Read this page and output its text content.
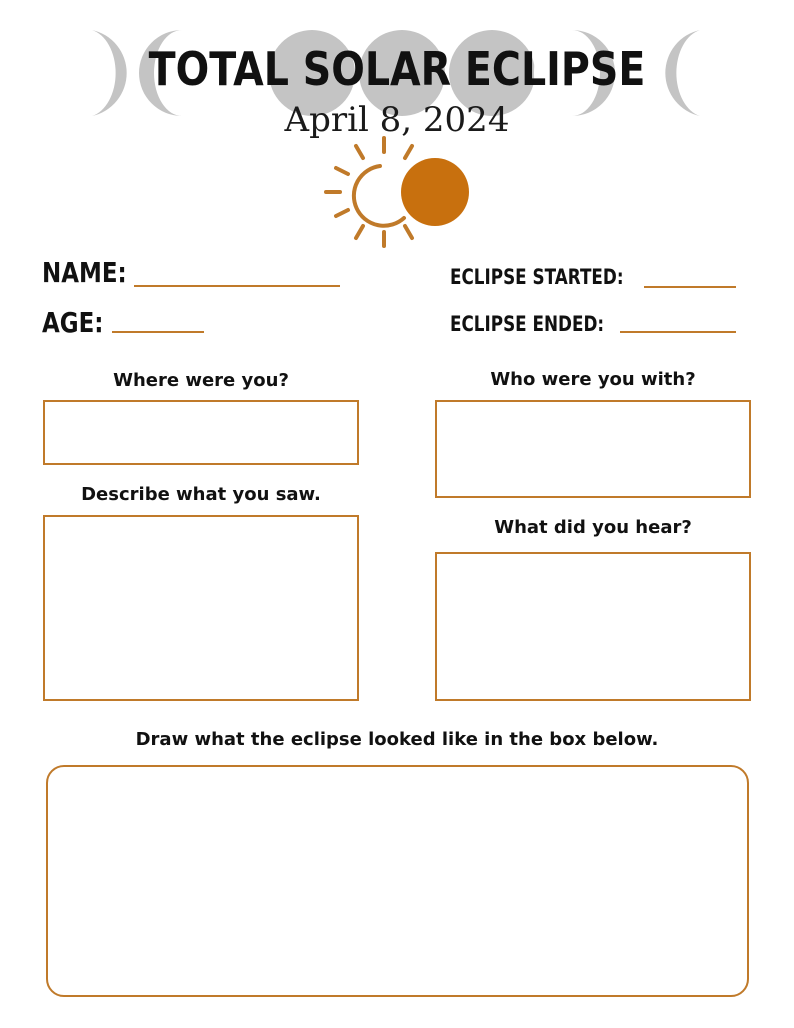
TOTAL SOLAR ECLIPSE
April 8, 2024
NAME:
AGE:
ECLIPSE STARTED:
ECLIPSE ENDED:
Where were you?
Describe what you saw.
Who were you with?
What did you hear?
Draw what the eclipse looked like in the box below.
